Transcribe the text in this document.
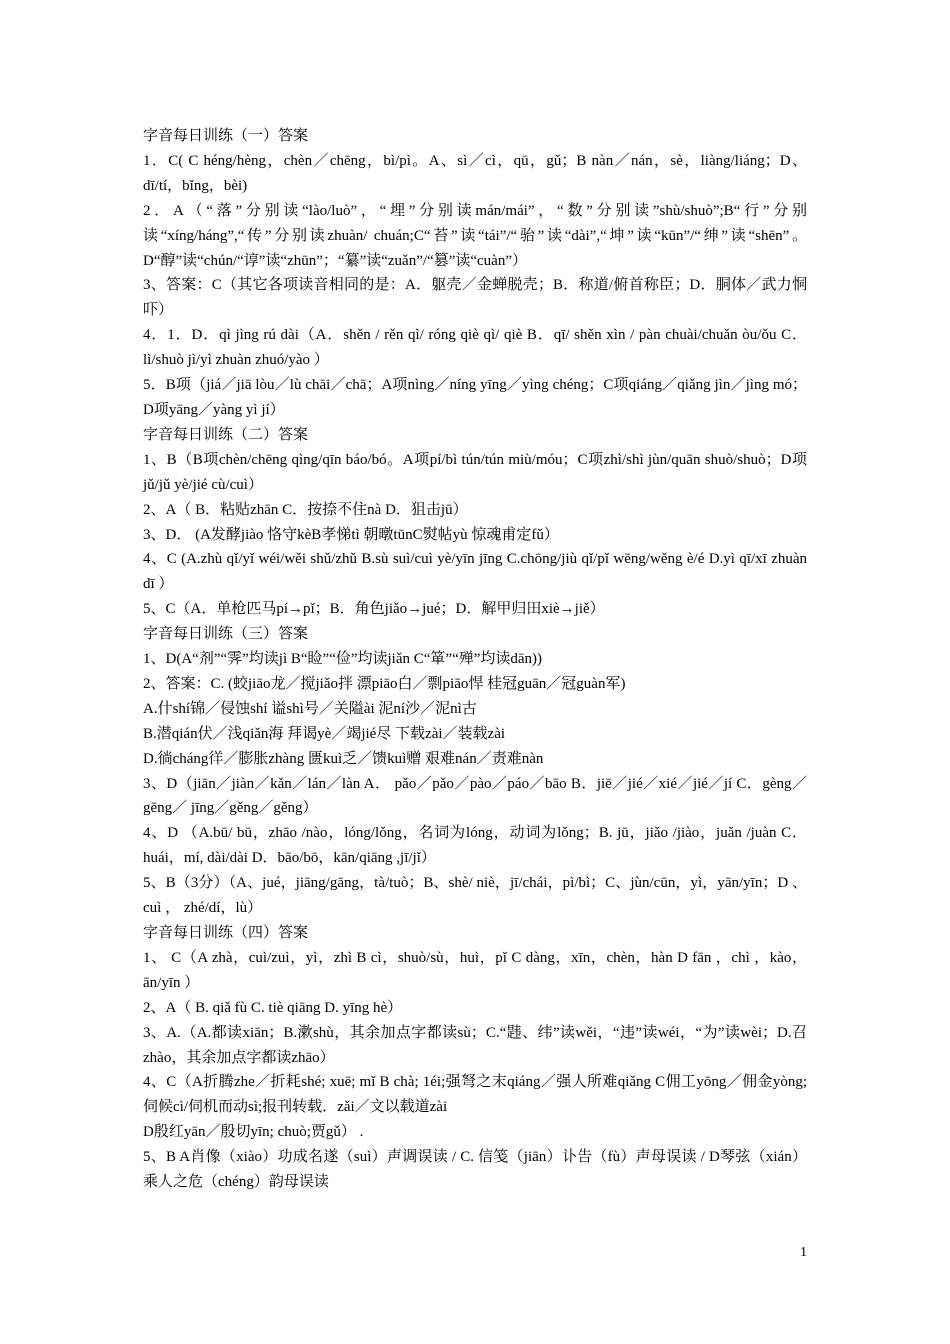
字音每日训练（一）答案

1．C( C héng/hèng，chèn／chēng，bì/pì。A、sì／cì，qū，gǔ；B nàn／nán，sè，liàng/liáng；D、dī/tí，bǐng，bèi)

2．A（“落”分别读“lào/luò”，“埋”分别读mán/mái”，“数”分别读”shù/shuò”;B“行”分别读“xíng/háng”,“传”分别读zhuàn/ chuán;C“苔”读“tái”/“骀”读“dài”,“坤”读“kūn”/“绅”读“shēn”。D“醇”读“chún/“谆”读“zhūn”；“纂”读“zuǎn”/“篡”读“cuàn”）

3、答案：C（其它各项读音相同的是：A．躯壳／金蝉脱壳；B．称道/俯首称臣；D．胴体／武力恫吓）

4．1．D．qì jìng rú dài（A．shěn / rěn qì/ róng qiè qì/ qiè B．qī/ shěn xìn / pàn chuài/chuǎn òu/ǒu C．lì/shuò jì/yì zhuàn zhuó/yào ）

5．B项（jiá／jiā lòu／lù chāi／chā；A项nìng／níng yīng／yìng chéng；C项qiáng／qiǎng jìn／jìng mó； D项yāng／yàng yì jí）

字音每日训练（二）答案

1、B（B项chèn/chēng qìng/qīn báo/bó。A项pí/bì tún/tún miù/móu；C项zhì/shì jùn/quān shuò/shuò；D项jǔ/jǔ yè/jié cù/cuì）

2、A（ B．粘贴zhān C．按捺不住nà D．狙击jū）

3、D． (A发酵jiào 恪守kèB孝悌tì 朝暾tūnC熨帖yù 惊魂甫定fǔ）

4、C (A.zhù qǐ/yǐ wéi/wěi shǔ/zhǔ B.sù suì/cuì yè/yīn jīng C.chōng/jiù qǐ/pǐ wēng/wěng è/é D.yì qī/xī zhuàn dī ）

5、C（A．单枪匹马pí→pǐ；B．角色jiǎo→jué；D．解甲归田xiè→jiě）

字音每日训练（三）答案

1、D(A“剂”“霁”均读jì B“睑”“俭”均读jiǎn C“箪”“殚”均读dān))

2、答案：C. (蛟jiāo龙／搅jiǎo拌 漂piāo白／剽piāo悍 桂冠guān／冠guàn军)

A.什shí锦／侵蚀shí 谥shì号／关隘ài 泥ní沙／泥nì古

B.潜qián伏／浅qiǎn海 拜谒yè／竭jié尽 下载zài／装载zài

D.徜cháng徉／膨胀zhàng 匮kuì乏／馈kuì赠 艰难nán／责难nàn

3、D（jiān／jiàn／kǎn／lán／làn A． pǎo／pǎo／pào／páo／bāo B．jiē／jié／xié／jié／jí C．gèng／gēng／ jīng／gěng／gěng）

4、D （A.bū/ bū，zhāo /nào，lóng/lǒng，名词为lóng，动词为lǒng；B. jū，jiǎo /jiào，juǎn /juàn C．huái，mí, dài/dài D．bāo/bō，kān/qiāng ,jī/jǐ）

5、B（3分）（A、jué，jiāng/gāng，tà/tuò；B、shè/ niè，jī/chái，pì/bì；C、jùn/cūn，yì，yān/yīn；D 、cuì ， zhé/dí，lù）

字音每日训练（四）答案

1、 C（A zhà，cuì/zuì，yì，zhì B cì，shuò/sù，huì，pǐ C dàng，xīn，chèn，hàn D fān ，chì ，kào，ān/yīn ）

2、A（ B. qiǎ fù C. tiè qiāng D. yīng hè）

3、A.（A.都读xiān；B.漱shù，其余加点字都读sù；C.“韪、纬”读wěi，“违”读wéi，“为”读wèi；D.召zhào，其余加点字都读zhāo）

4、C（A折腾zhe／折耗shé; xuē; mǐ B chà; 1éi;强弩之末qiáng／强人所难qiǎng C佣工yōng／佣金yòng;伺候cì/伺机而动sì;报刊转载．zǎi／文以载道zài

D殷红yān／殷切yīn; chuò;贾gǔ） .

5、B A肖像（xiào）功成名遂（suì）声调误读 / C. 信笺（jiān）讣告（fù）声母误读 / D琴弦（xián）乘人之危（chéng）韵母误读

1
